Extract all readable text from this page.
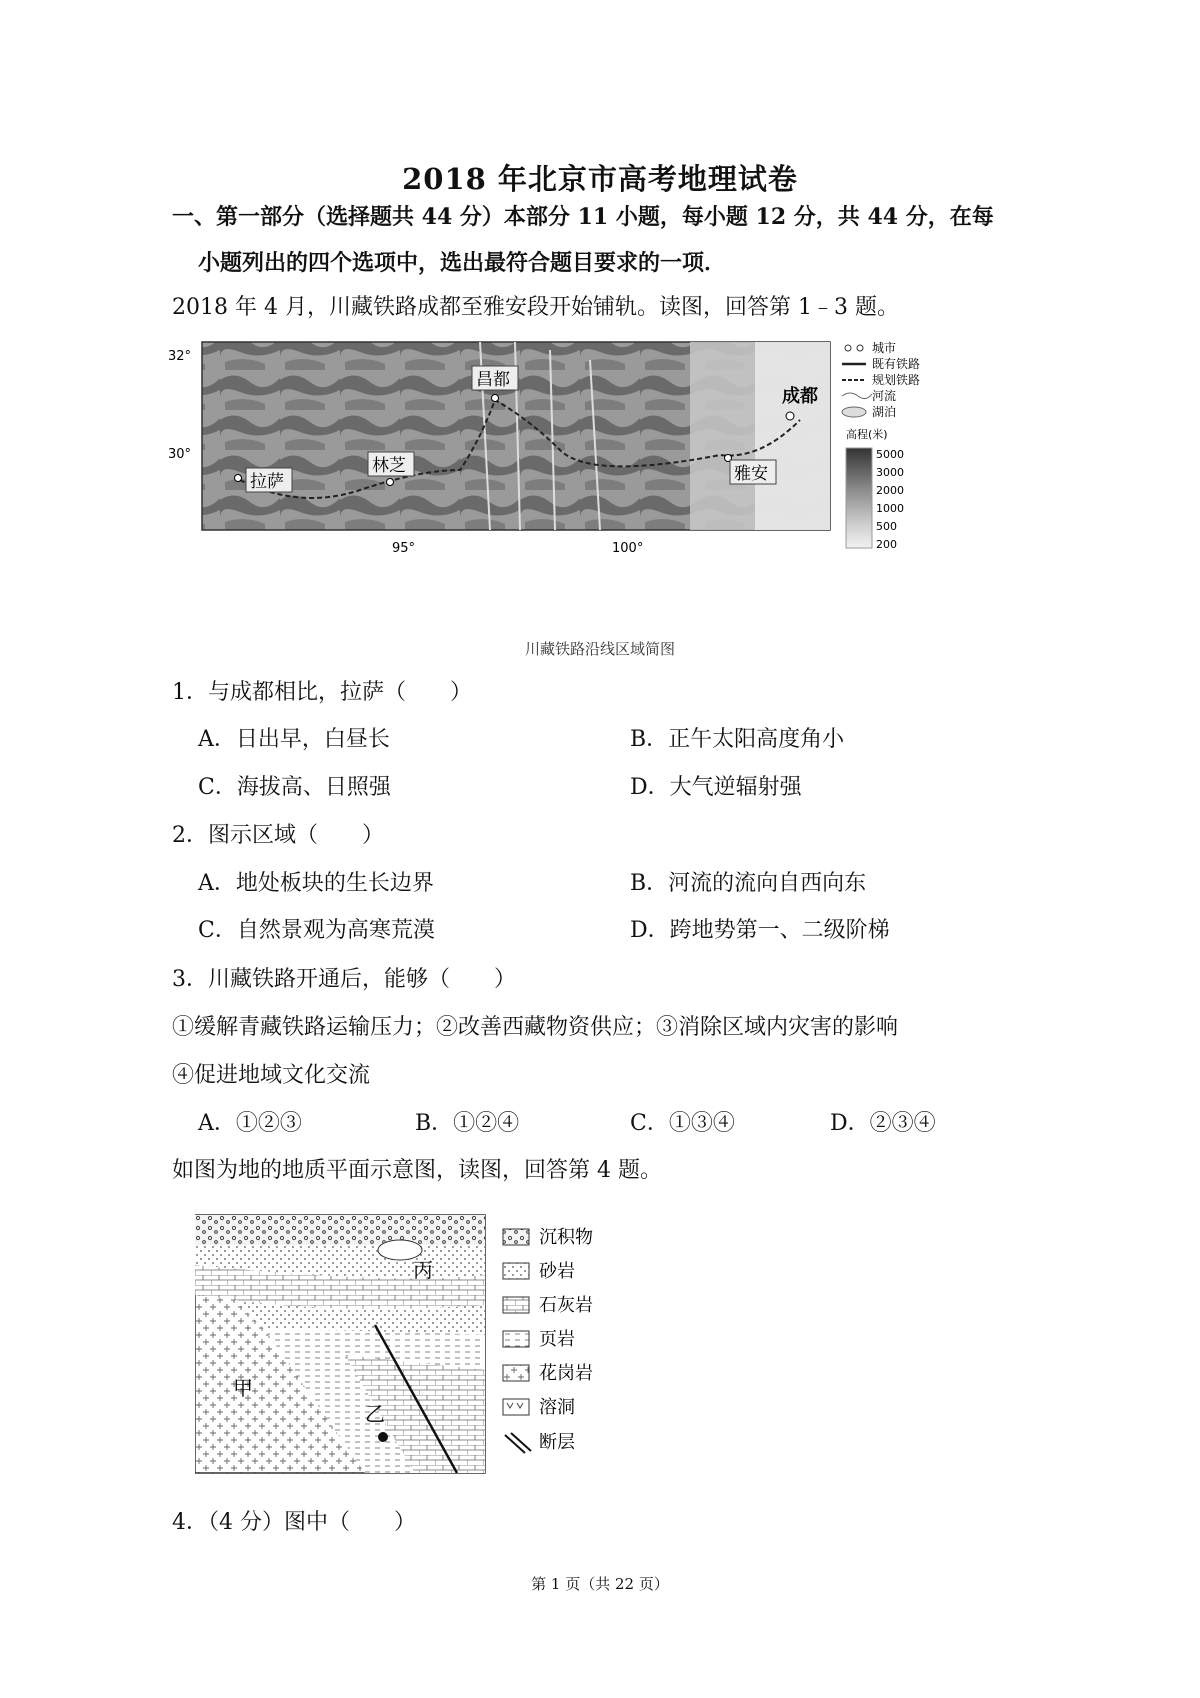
2018 年北京市高考地理试卷
一、第一部分（选择题共 44 分）本部分 11 小题，每小题 12 分，共 44 分，在每
小题列出的四个选项中，选出最符合题目要求的一项．
2018 年 4 月，川藏铁路成都至雅安段开始铺轨。读图，回答第 1﹣3 题。
32°
30°
95°	100°
拉萨
林芝
昌都
成都
雅安
城市
既有铁路
规划铁路
河流
湖泊
高程(米)
5000
3000
2000
1000
500
200
川藏铁路沿线区域简图
1．与成都相比，拉萨（　　）
A．日出早，白昼长	B．正午太阳高度角小
C．海拔高、日照强	D．大气逆辐射强
2．图示区域（　　）
A．地处板块的生长边界	B．河流的流向自西向东
C．自然景观为高寒荒漠	D．跨地势第一、二级阶梯
3．川藏铁路开通后，能够（　　）
①缓解青藏铁路运输压力；②改善西藏物资供应；③消除区域内灾害的影响
④促进地域文化交流
A．①②③	B．①②④	C．①③④	D．②③④
如图为地的地质平面示意图，读图，回答第 4 题。
甲
乙
丙
沉积物
砂岩
石灰岩
页岩
花岗岩
溶洞
断层
4．（4 分）图中（　　）
第 1 页（共 22 页）
